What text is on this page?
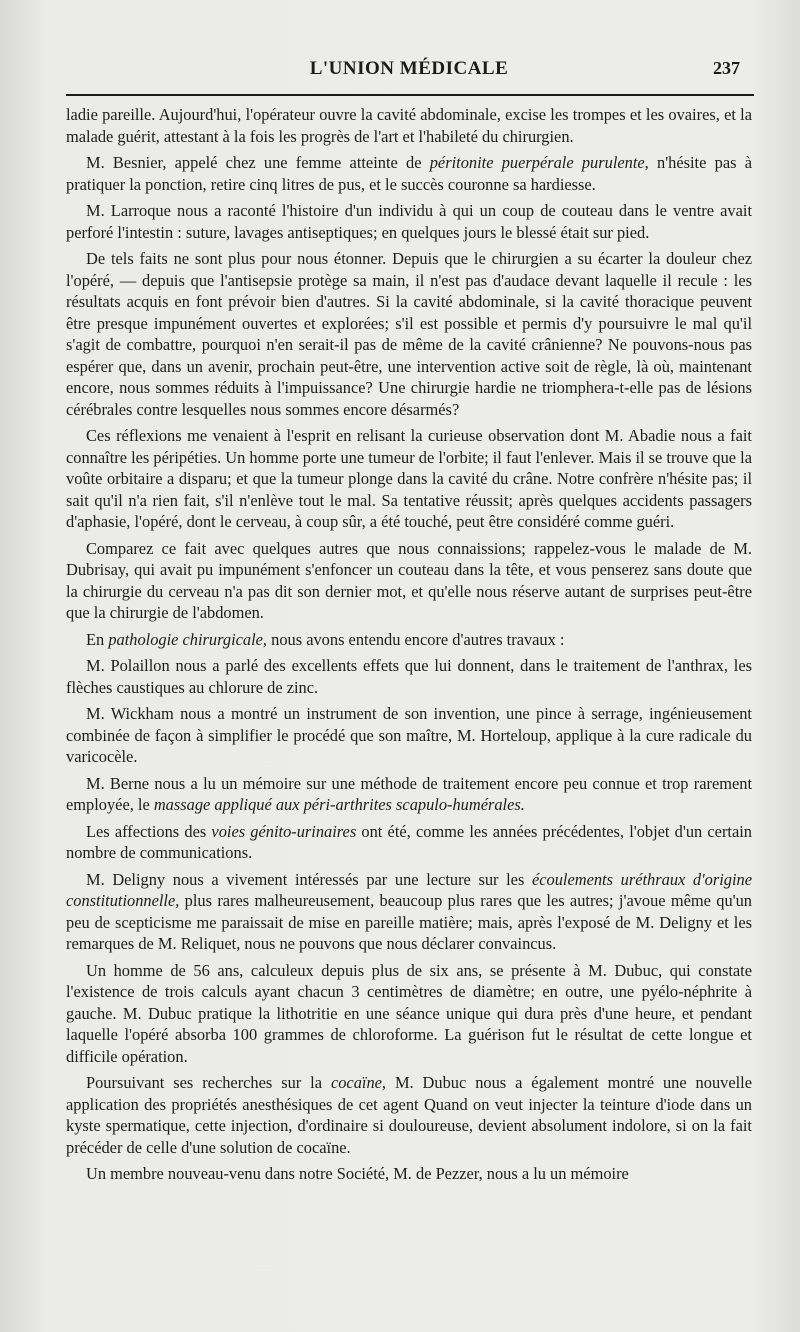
L'UNION MÉDICALE	237

ladie pareille. Aujourd'hui, l'opérateur ouvre la cavité abdominale, excise les trompes et les ovaires, et la malade guérit, attestant à la fois les progrès de l'art et l'habileté du chirurgien.

M. Besnier, appelé chez une femme atteinte de péritonite puerpérale purulente, n'hésite pas à pratiquer la ponction, retire cinq litres de pus, et le succès couronne sa hardiesse.

M. Larroque nous a raconté l'histoire d'un individu à qui un coup de couteau dans le ventre avait perforé l'intestin : suture, lavages antiseptiques; en quelques jours le blessé était sur pied.

De tels faits ne sont plus pour nous étonner. Depuis que le chirurgien a su écarter la douleur chez l'opéré, — depuis que l'antisepsie protège sa main, il n'est pas d'audace devant laquelle il recule : les résultats acquis en font prévoir bien d'autres. Si la cavité abdominale, si la cavité thoracique peuvent être presque impunément ouvertes et explorées; s'il est possible et permis d'y poursuivre le mal qu'il s'agit de combattre, pourquoi n'en serait-il pas de même de la cavité crânienne? Ne pouvons-nous pas espérer que, dans un avenir, prochain peut-être, une intervention active soit de règle, là où, maintenant encore, nous sommes réduits à l'impuissance? Une chirurgie hardie ne triomphera-t-elle pas de lésions cérébrales contre lesquelles nous sommes encore désarmés?

Ces réflexions me venaient à l'esprit en relisant la curieuse observation dont M. Abadie nous a fait connaître les péripéties. Un homme porte une tumeur de l'orbite; il faut l'enlever. Mais il se trouve que la voûte orbitaire a disparu; et que la tumeur plonge dans la cavité du crâne. Notre confrère n'hésite pas; il sait qu'il n'a rien fait, s'il n'enlève tout le mal. Sa tentative réussit; après quelques accidents passagers d'aphasie, l'opéré, dont le cerveau, à coup sûr, a été touché, peut être considéré comme guéri.

Comparez ce fait avec quelques autres que nous connaissions; rappelez-vous le malade de M. Dubrisay, qui avait pu impunément s'enfoncer un couteau dans la tête, et vous penserez sans doute que la chirurgie du cerveau n'a pas dit son dernier mot, et qu'elle nous réserve autant de surprises peut-être que la chirurgie de l'abdomen.

En pathologie chirurgicale, nous avons entendu encore d'autres travaux :

M. Polaillon nous a parlé des excellents effets que lui donnent, dans le traitement de l'anthrax, les flèches caustiques au chlorure de zinc.

M. Wickham nous a montré un instrument de son invention, une pince à serrage, ingénieusement combinée de façon à simplifier le procédé que son maître, M. Horteloup, applique à la cure radicale du varicocèle.

M. Berne nous a lu un mémoire sur une méthode de traitement encore peu connue et trop rarement employée, le massage appliqué aux péri-arthrites scapulo-humérales.

Les affections des voies génito-urinaires ont été, comme les années précédentes, l'objet d'un certain nombre de communications.

M. Deligny nous a vivement intéressés par une lecture sur les écoulements uréthraux d'origine constitutionnelle, plus rares malheureusement, beaucoup plus rares que les autres; j'avoue même qu'un peu de scepticisme me paraissait de mise en pareille matière; mais, après l'exposé de M. Deligny et les remarques de M. Reliquet, nous ne pouvons que nous déclarer convaincus.

Un homme de 56 ans, calculeux depuis plus de six ans, se présente à M. Dubuc, qui constate l'existence de trois calculs ayant chacun 3 centimètres de diamètre; en outre, une pyélo-néphrite à gauche. M. Dubuc pratique la lithotritie en une séance unique qui dura près d'une heure, et pendant laquelle l'opéré absorba 100 grammes de chloroforme. La guérison fut le résultat de cette longue et difficile opération.

Poursuivant ses recherches sur la cocaïne, M. Dubuc nous a également montré une nouvelle application des propriétés anesthésiques de cet agent Quand on veut injecter la teinture d'iode dans un kyste spermatique, cette injection, d'ordinaire si douloureuse, devient absolument indolore, si on la fait précéder de celle d'une solution de cocaïne.

Un membre nouveau-venu dans notre Société, M. de Pezzer, nous a lu un mémoire
